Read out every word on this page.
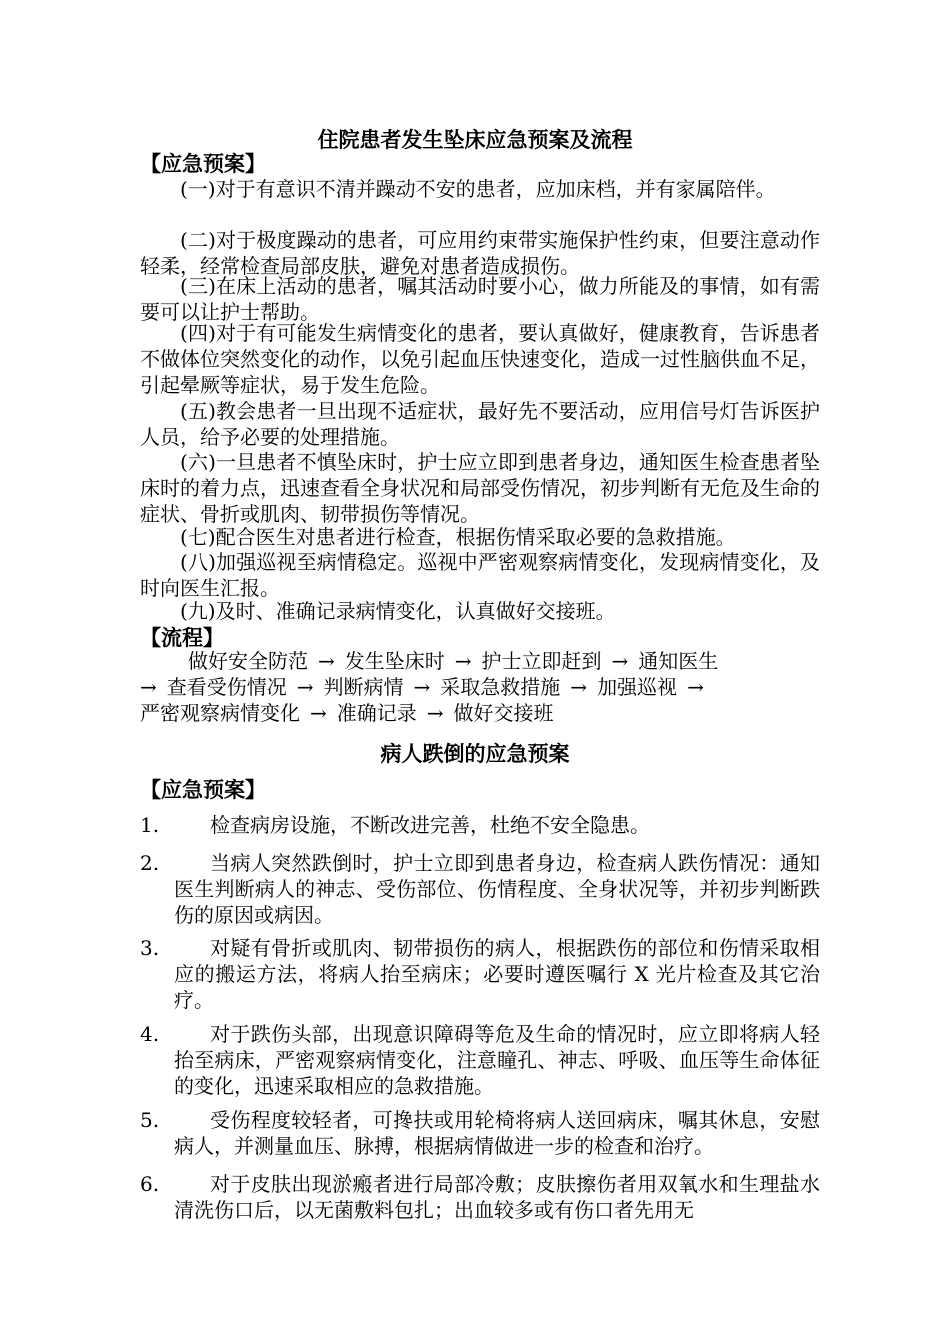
住院患者发生坠床应急预案及流程
【应急预案】
(一)对于有意识不清并躁动不安的患者，应加床档，并有家属陪伴。
(二)对于极度躁动的患者，可应用约束带实施保护性约束，但要注意动作轻柔，经常检查局部皮肤，避免对患者造成损伤。
(三)在床上活动的患者，嘱其活动时要小心，做力所能及的事情，如有需要可以让护士帮助。
(四)对于有可能发生病情变化的患者，要认真做好，健康教育，告诉患者不做体位突然变化的动作，以免引起血压快速变化，造成一过性脑供血不足，引起晕厥等症状，易于发生危险。
(五)教会患者一旦出现不适症状，最好先不要活动，应用信号灯告诉医护人员，给予必要的处理措施。
(六)一旦患者不慎坠床时，护士应立即到患者身边，通知医生检查患者坠床时的着力点，迅速查看全身状况和局部受伤情况，初步判断有无危及生命的症状、骨折或肌肉、韧带损伤等情况。
(七)配合医生对患者进行检查，根据伤情采取必要的急救措施。
(八)加强巡视至病情稳定。巡视中严密观察病情变化，发现病情变化，及时向医生汇报。
(九)及时、准确记录病情变化，认真做好交接班。
【流程】
做好安全防范 → 发生坠床时 → 护士立即赶到 → 通知医生
→ 查看受伤情况 → 判断病情 → 采取急救措施 → 加强巡视 →
严密观察病情变化 → 准确记录 → 做好交接班
病人跌倒的应急预案
【应急预案】
1.	检查病房设施，不断改进完善，杜绝不安全隐患。
2.	当病人突然跌倒时，护士立即到患者身边，检查病人跌伤情况：通知医生判断病人的神志、受伤部位、伤情程度、全身状况等，并初步判断跌伤的原因或病因。
3.	对疑有骨折或肌肉、韧带损伤的病人，根据跌伤的部位和伤情采取相应的搬运方法，将病人抬至病床；必要时遵医嘱行 X 光片检查及其它治疗。
4.	对于跌伤头部，出现意识障碍等危及生命的情况时，应立即将病人轻抬至病床，严密观察病情变化，注意瞳孔、神志、呼吸、血压等生命体征的变化，迅速采取相应的急救措施。
5.	受伤程度较轻者，可搀扶或用轮椅将病人送回病床，嘱其休息，安慰病人，并测量血压、脉搏，根据病情做进一步的检查和治疗。
6.	对于皮肤出现淤瘢者进行局部冷敷；皮肤擦伤者用双氧水和生理盐水清洗伤口后，以无菌敷料包扎；出血较多或有伤口者先用无
